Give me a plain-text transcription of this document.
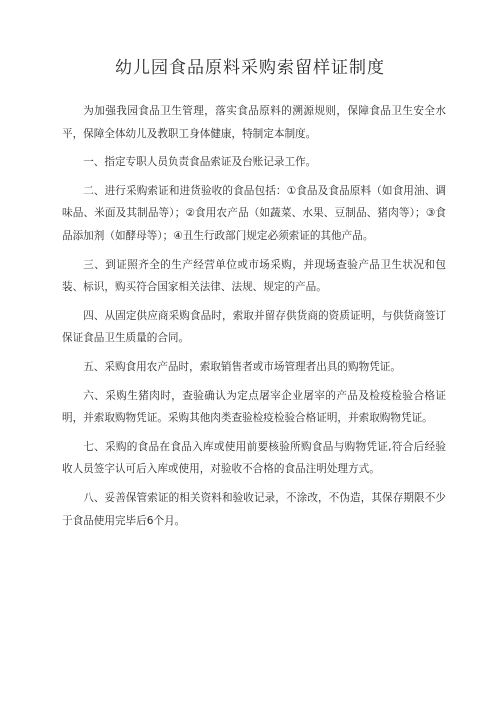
幼儿园食品原料采购索留样证制度

为加强我园食品卫生管理，落实食品原料的溯源规则，保障食品卫生安全水平，保障全体幼儿及教职工身体健康，特制定本制度。

一、指定专职人员负责食品索证及台账记录工作。

二、进行采购索证和进货验收的食品包括：①食品及食品原料（如食用油、调味品、米面及其制品等）；②食用农产品（如蔬菜、水果、豆制品、猪肉等）；③食品添加剂（如酵母等）；④丑生行政部门规定必须索证的其他产品。

三、到证照齐全的生产经营单位或市场采购，并现场查验产品卫生状况和包装、标识，购买符合国家相关法律、法规、规定的产品。

四、从固定供应商采购食品时，索取并留存供货商的资质证明，与供货商签订保证食品卫生质量的合同。

五、采购食用农产品时，索取销售者或市场管理者出具的购物凭证。

六、采购生猪肉时，查验确认为定点屠宰企业屠宰的产品及检疫检验合格证明，并索取购物凭证。采购其他肉类查验检疫检验合格证明，并索取购物凭证。

七、采购的食品在食品入库或使用前要核验所购食品与购物凭证,符合后经验收人员签字认可后入库或使用，对验收不合格的食品注明处理方式。

八、妥善保管索证的相关资料和验收记录，不涂改，不伪造，其保存期限不少于食品使用完毕后6个月。
